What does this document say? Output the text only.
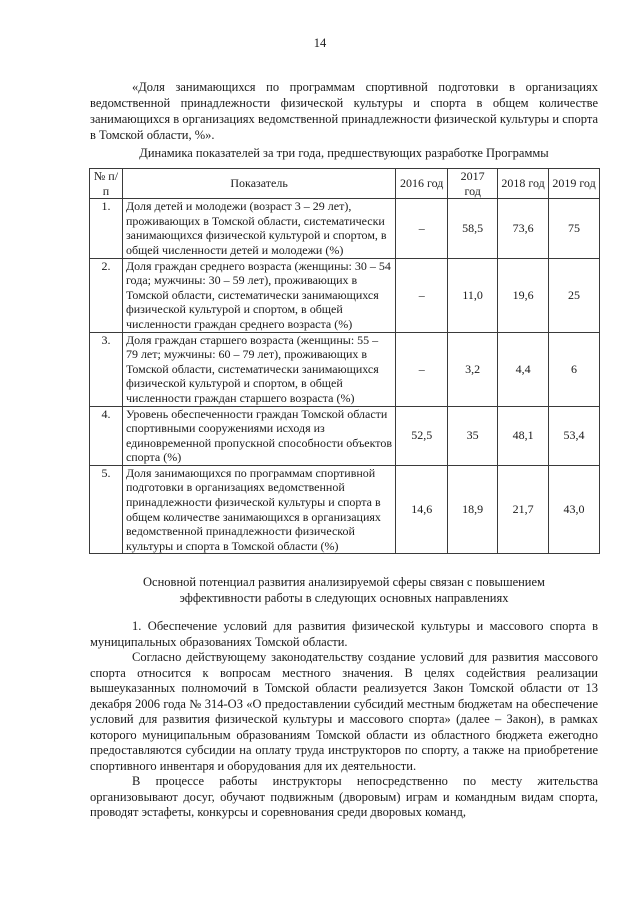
14

«Доля занимающихся по программам спортивной подготовки в организациях ведомственной принадлежности физической культуры и спорта в общем количестве занимающихся в организациях ведомственной принадлежности физической культуры и спорта в Томской области, %».

Динамика показателей за три года, предшествующих разработке Программы
№ п/п	Показатель	2016 год	2017 год	2018 год	2019 год
1.	Доля детей и молодежи (возраст 3 – 29 лет), проживающих в Томской области, систематически занимающихся физической культурой и спортом, в общей численности детей и молодежи (%)	–	58,5	73,6	75
2.	Доля граждан среднего возраста (женщины: 30 – 54 года; мужчины: 30 – 59 лет), проживающих в Томской области, систематически занимающихся физической культурой и спортом, в общей численности граждан среднего возраста (%)	–	11,0	19,6	25
3.	Доля граждан старшего возраста (женщины: 55 – 79 лет; мужчины: 60 – 79 лет), проживающих в Томской области, систематически занимающихся физической культурой и спортом, в общей численности граждан старшего возраста (%)	–	3,2	4,4	6
4.	Уровень обеспеченности граждан Томской области спортивными сооружениями исходя из единовременной пропускной способности объектов спорта (%)	52,5	35	48,1	53,4
5.	Доля занимающихся по программам спортивной подготовки в организациях ведомственной принадлежности физической культуры и спорта в общем количестве занимающихся в организациях ведомственной принадлежности физической культуры и спорта в Томской области (%)	14,6	18,9	21,7	43,0
Основной потенциал развития анализируемой сферы связан с повышением эффективности работы в следующих основных направлениях

1. Обеспечение условий для развития физической культуры и массового спорта в муниципальных образованиях Томской области.

Согласно действующему законодательству создание условий для развития массового спорта относится к вопросам местного значения. В целях содействия реализации вышеуказанных полномочий в Томской области реализуется Закон Томской области от 13 декабря 2006 года № 314-ОЗ «О предоставлении субсидий местным бюджетам на обеспечение условий для развития физической культуры и массового спорта» (далее – Закон), в рамках которого муниципальным образованиям Томской области из областного бюджета ежегодно предоставляются субсидии на оплату труда инструкторов по спорту, а также на приобретение спортивного инвентаря и оборудования для их деятельности.

В процессе работы инструкторы непосредственно по месту жительства организовывают досуг, обучают подвижным (дворовым) играм и командным видам спорта, проводят эстафеты, конкурсы и соревнования среди дворовых команд,
